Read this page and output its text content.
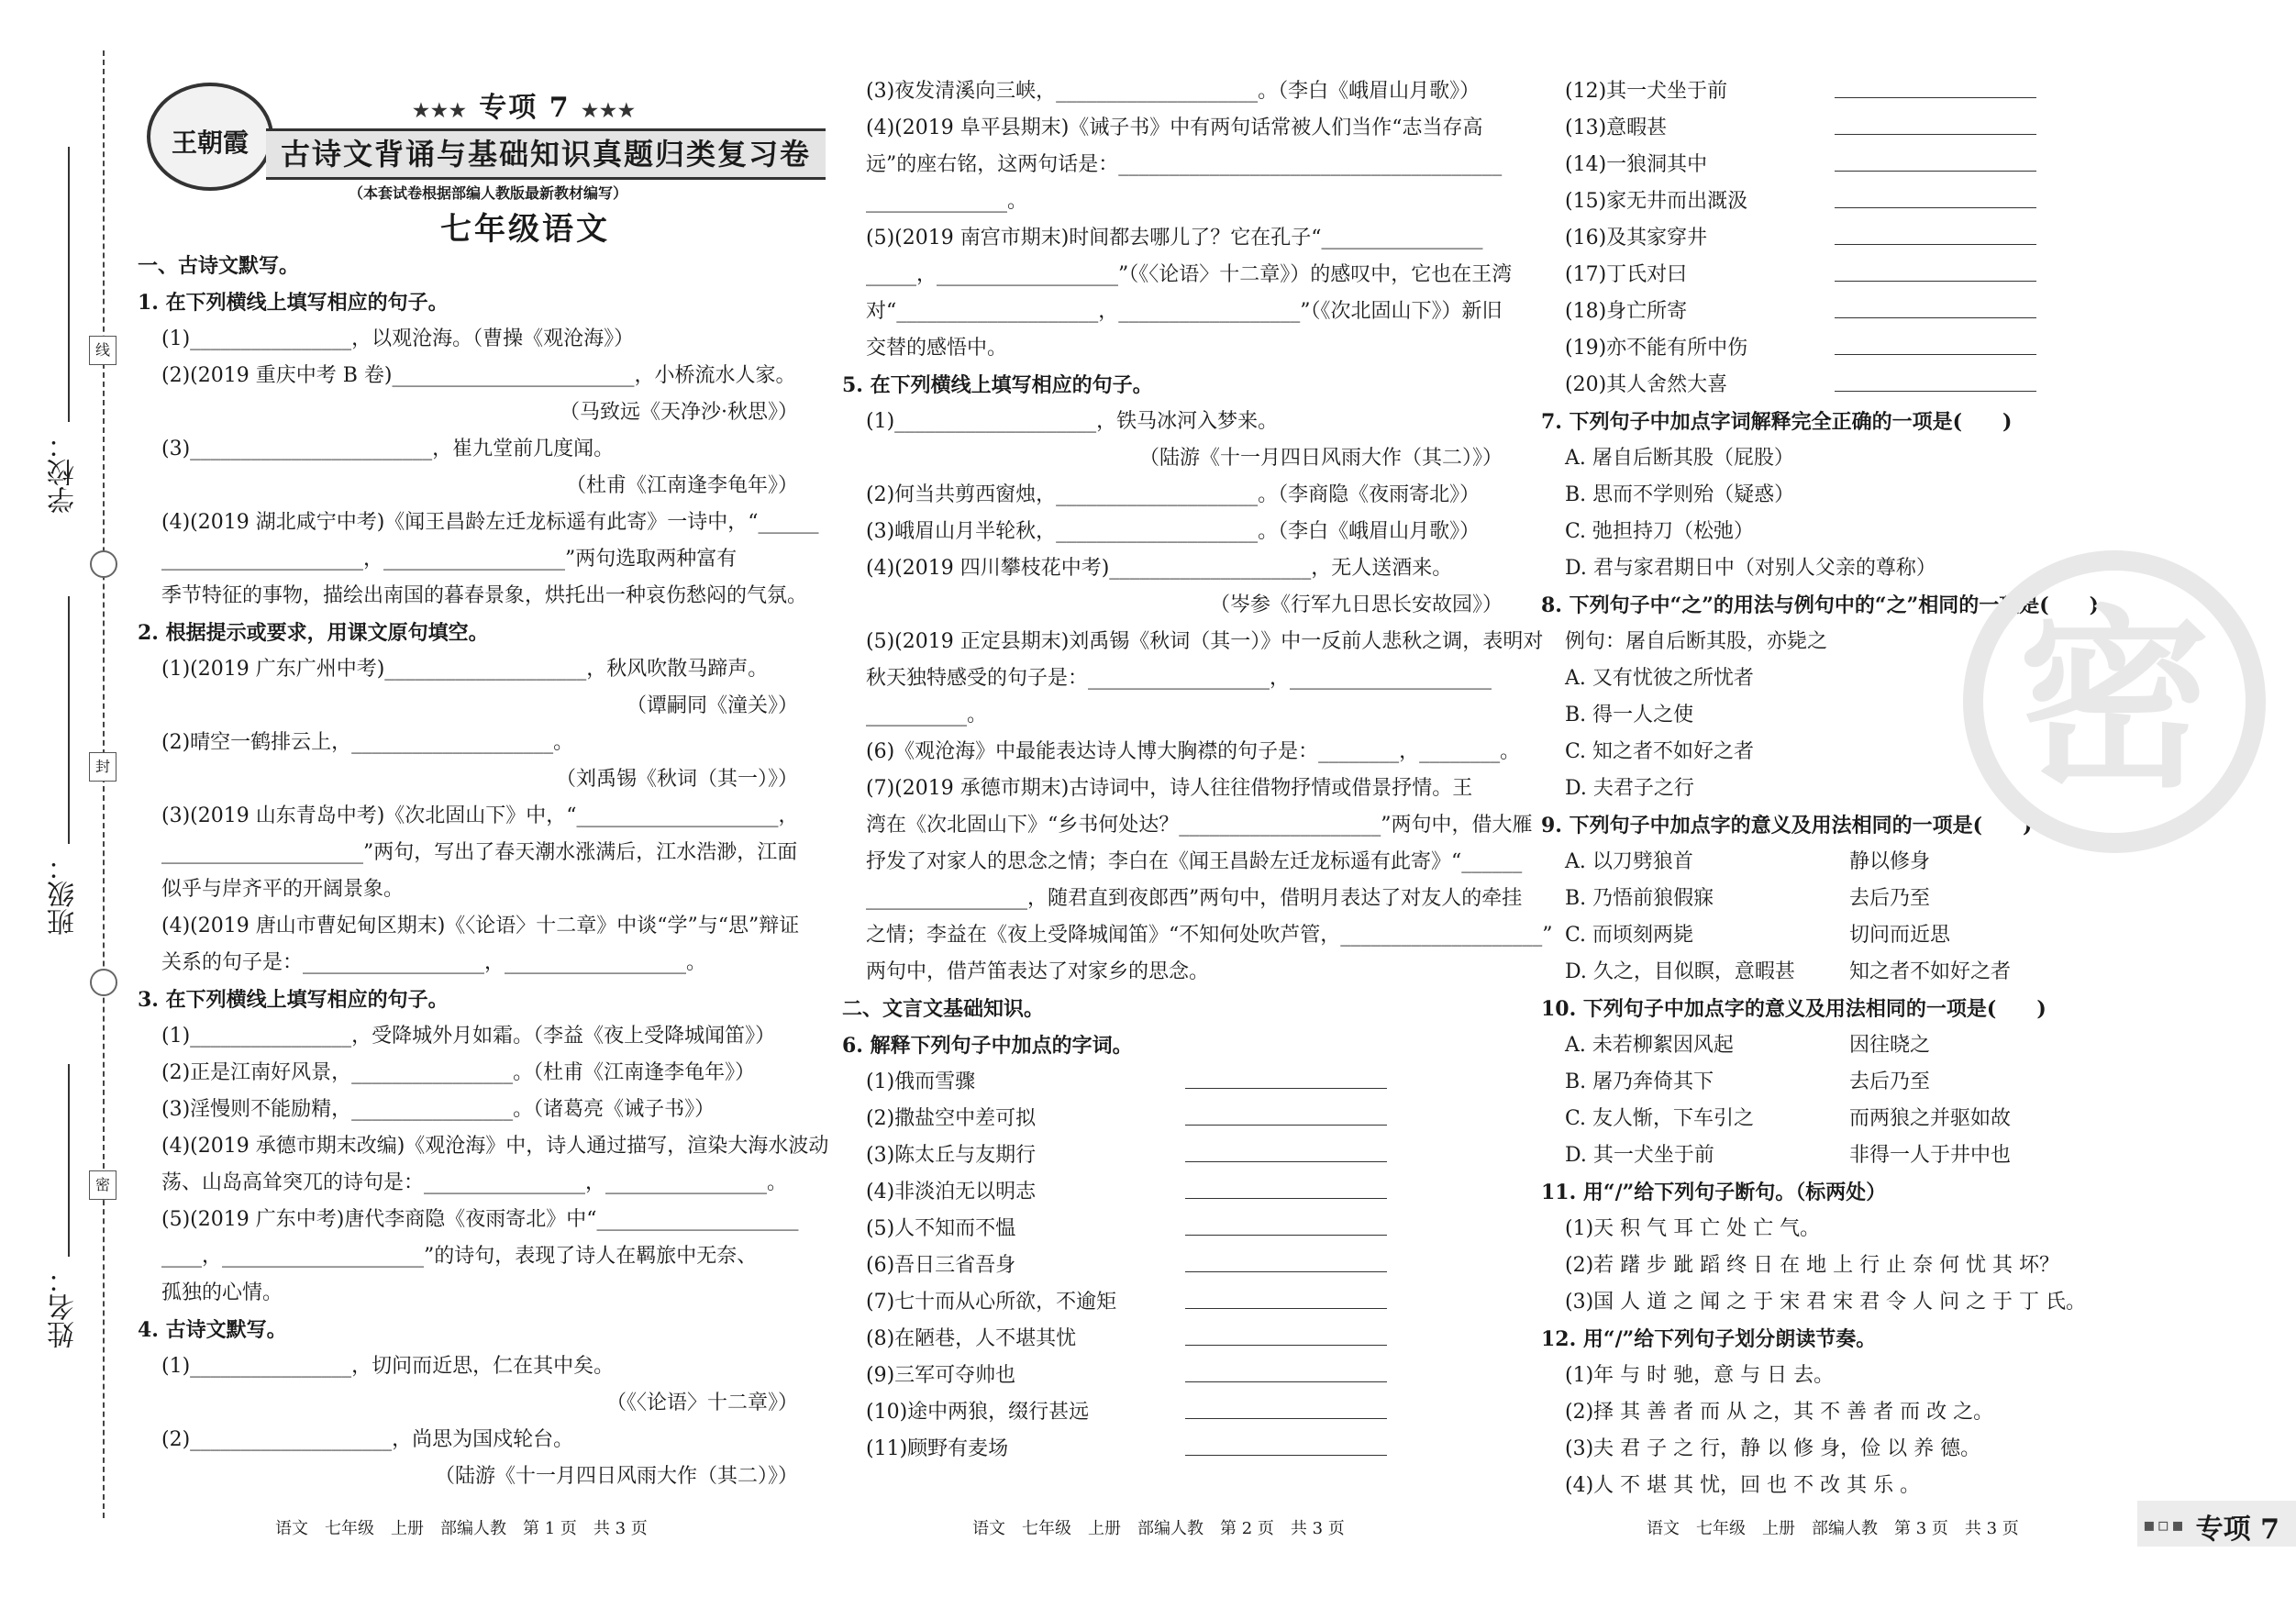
学校：
班级：
姓名：
线
封
密
王朝霞
★★★ 专项 7 ★★★
古诗文背诵与基础知识真题归类复习卷
（本套试卷根据部编人教版最新教材编写）
七年级语文
一、古诗文默写。
1. 在下列横线上填写相应的句子。
(1)________________，以观沧海。（曹操《观沧海》）
(2)(2019 重庆中考 B 卷)________________________，小桥流水人家。
（马致远《天净沙·秋思》）
(3)________________________，崔九堂前几度闻。
（杜甫《江南逢李龟年》）
(4)(2019 湖北咸宁中考)《闻王昌龄左迁龙标遥有此寄》一诗中，“______
____________________，__________________”两句选取两种富有
季节特征的事物，描绘出南国的暮春景象，烘托出一种哀伤愁闷的气氛。
2. 根据提示或要求，用课文原句填空。
(1)(2019 广东广州中考)____________________，秋风吹散马蹄声。
（谭嗣同《潼关》）
(2)晴空一鹤排云上，____________________。
（刘禹锡《秋词（其一）》）
(3)(2019 山东青岛中考)《次北固山下》中，“____________________，
____________________”两句，写出了春天潮水涨满后，江水浩渺，江面
似乎与岸齐平的开阔景象。
(4)(2019 唐山市曹妃甸区期末)《〈论语〉十二章》中谈“学”与“思”辩证
关系的句子是：__________________，__________________。
3. 在下列横线上填写相应的句子。
(1)________________，受降城外月如霜。（李益《夜上受降城闻笛》）
(2)正是江南好风景，________________。（杜甫《江南逢李龟年》）
(3)淫慢则不能励精，________________。（诸葛亮《诫子书》）
(4)(2019 承德市期末改编)《观沧海》中，诗人通过描写，渲染大海水波动
荡、山岛高耸突兀的诗句是：________________，________________。
(5)(2019 广东中考)唐代李商隐《夜雨寄北》中“____________________
____，____________________”的诗句，表现了诗人在羁旅中无奈、
孤独的心情。
4. 古诗文默写。
(1)________________，切问而近思，仁在其中矣。
（《〈论语〉十二章》）
(2)____________________，尚思为国戍轮台。
（陆游《十一月四日风雨大作（其二）》）
(3)夜发清溪向三峡，____________________。（李白《峨眉山月歌》）
(4)(2019 阜平县期末)《诫子书》中有两句话常被人们当作“志当存高
远”的座右铭，这两句话是：______________________________________
______________。
(5)(2019 南宫市期末)时间都去哪儿了？它在孔子“________________
_____，__________________”（《〈论语〉十二章》）的感叹中，它也在王湾
对“____________________，__________________”（《次北固山下》）新旧
交替的感悟中。
5. 在下列横线上填写相应的句子。
(1)____________________，铁马冰河入梦来。
（陆游《十一月四日风雨大作（其二）》）
(2)何当共剪西窗烛，____________________。（李商隐《夜雨寄北》）
(3)峨眉山月半轮秋，____________________。（李白《峨眉山月歌》）
(4)(2019 四川攀枝花中考)____________________，无人送酒来。
（岑参《行军九日思长安故园》）
(5)(2019 正定县期末)刘禹锡《秋词（其一）》中一反前人悲秋之调，表明对
秋天独特感受的句子是：__________________，____________________
__________。
(6)《观沧海》中最能表达诗人博大胸襟的句子是：________，________。
(7)(2019 承德市期末)古诗词中，诗人往往借物抒情或借景抒情。王
湾在《次北固山下》“乡书何处达？____________________”两句中，借大雁
抒发了对家人的思念之情；李白在《闻王昌龄左迁龙标遥有此寄》“______
________________，随君直到夜郎西”两句中，借明月表达了对友人的牵挂
之情；李益在《夜上受降城闻笛》“不知何处吹芦管，____________________”
两句中，借芦笛表达了对家乡的思念。
二、文言文基础知识。
6. 解释下列句子中加点的字词。
(1)俄而雪骤
(2)撒盐空中差可拟
(3)陈太丘与友期行
(4)非淡泊无以明志
(5)人不知而不愠
(6)吾日三省吾身
(7)七十而从心所欲，不逾矩
(8)在陋巷，人不堪其忧
(9)三军可夺帅也
(10)途中两狼，缀行甚远
(11)顾野有麦场
(12)其一犬坐于前
(13)意暇甚
(14)一狼洞其中
(15)家无井而出溉汲
(16)及其家穿井
(17)丁氏对曰
(18)身亡所寄
(19)亦不能有所中伤
(20)其人舍然大喜
7. 下列句子中加点字词解释完全正确的一项是(　　)
A. 屠自后断其股（屁股）
B. 思而不学则殆（疑惑）
C. 弛担持刀（松弛）
D. 君与家君期日中（对别人父亲的尊称）
8. 下列句子中“之”的用法与例句中的“之”相同的一项是(　　)
例句：屠自后断其股，亦毙之
A. 又有忧彼之所忧者
B. 得一人之使
C. 知之者不如好之者
D. 夫君子之行
9. 下列句子中加点字的意义及用法相同的一项是(　　)
A. 以刀劈狼首	静以修身
B. 乃悟前狼假寐	去后乃至
C. 而顷刻两毙	切问而近思
D. 久之，目似瞑，意暇甚	知之者不如好之者
10. 下列句子中加点字的意义及用法相同的一项是(　　)
A. 未若柳絮因风起	因往晓之
B. 屠乃奔倚其下	去后乃至
C. 友人惭，下车引之	而两狼之并驱如故
D. 其一犬坐于前	非得一人于井中也
11. 用“/”给下列句子断句。（标两处）
(1)天 积 气 耳 亡 处 亡 气。
(2)若 躇 步 跐 蹈 终 日 在 地 上 行 止 奈 何 忧 其 坏？
(3)国 人 道 之 闻 之 于 宋 君 宋 君 令 人 问 之 于 丁 氏。
12. 用“/”给下列句子划分朗读节奏。
(1)年 与 时 驰，意 与 日 去。
(2)择 其 善 者 而 从 之，其 不 善 者 而 改 之。
(3)夫 君 子 之 行，静 以 修 身，俭 以 养 德。
(4)人 不 堪 其 忧，回 也 不 改 其 乐 。
密
语文　七年级　上册　部编人教　第 1 页　共 3 页	语文　七年级　上册　部编人教　第 2 页　共 3 页	语文　七年级　上册　部编人教　第 3 页　共 3 页	▪▫▪ 专项 7
